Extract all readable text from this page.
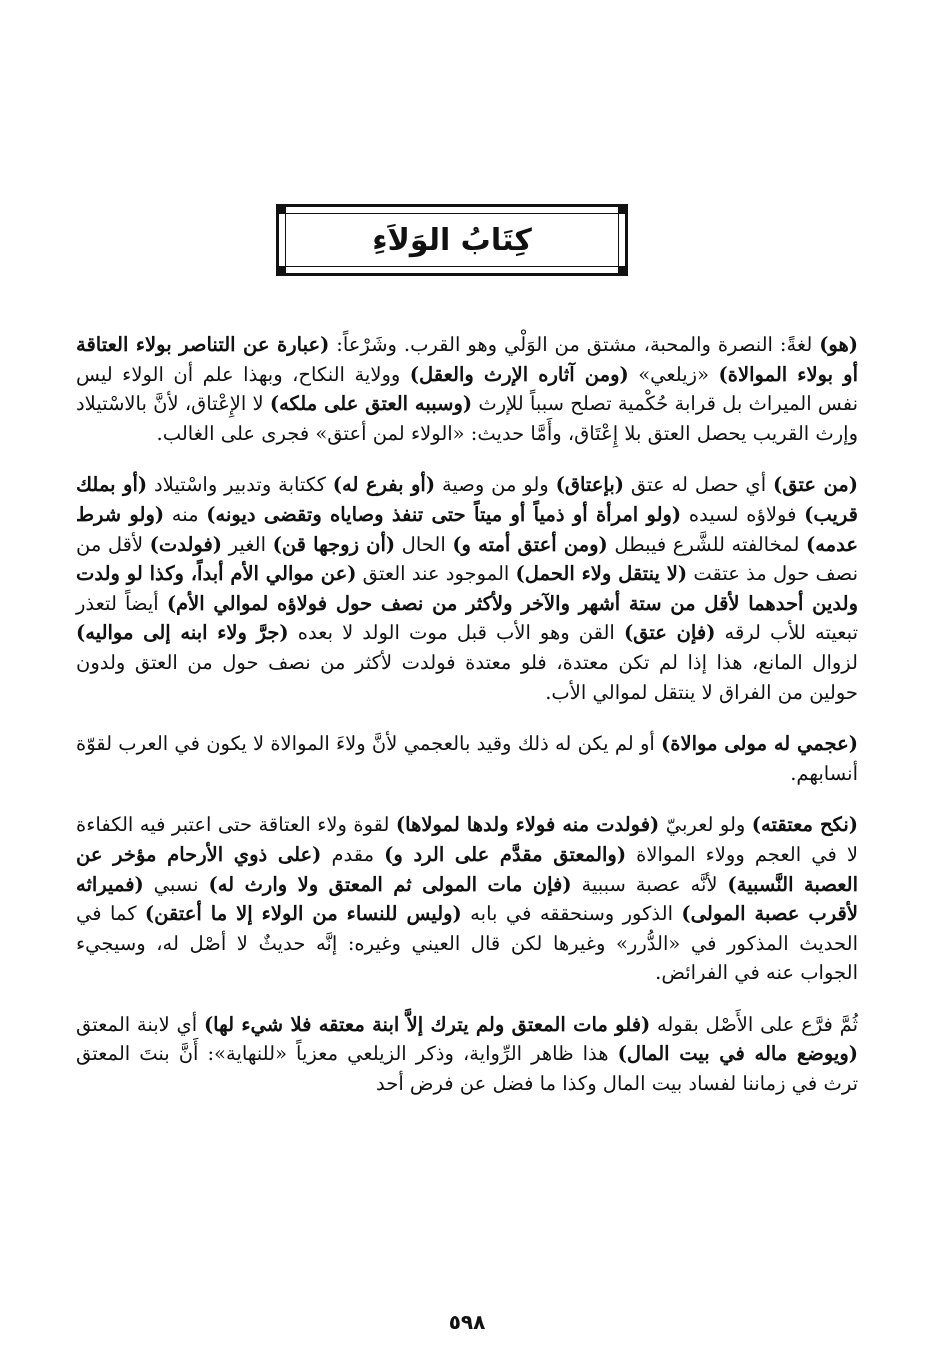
كِتَابُ الوَلاَءِ

(هو) لغةً: النصرة والمحبة، مشتق من الوَلْي وهو القرب. وشَرْعاً: (عبارة عن التناصر بولاء العتاقة أو بولاء الموالاة) «زيلعي» (ومن آثاره الإرث والعقل) وولاية النكاح، وبهذا علم أن الولاء ليس نفس الميراث بل قرابة حُكْمية تصلح سبباً للإرث (وسببه العتق على ملكه) لا الإِعْتاق، لأنَّ بالاسْتيلاد وإرث القريب يحصل العتق بلا إِعْتَاق، وأَمَّا حديث: «الولاء لمن أعتق» فجرى على الغالب.

(من عتق) أي حصل له عتق (بإعتاق) ولو من وصية (أو بفرع له) ككتابة وتدبير واسْتيلاد (أو بملك قريب) فولاؤه لسيده (ولو امرأة أو ذمياً أو ميتاً حتى تنفذ وصاياه وتقضى ديونه) منه (ولو شرط عدمه) لمخالفته للشَّرع فيبطل (ومن أعتق أمته و) الحال (أن زوجها قن) الغير (فولدت) لأقل من نصف حول مذ عتقت (لا ينتقل ولاء الحمل) الموجود عند العتق (عن موالي الأم أبداً، وكذا لو ولدت ولدين أحدهما لأقل من ستة أشهر والآخر ولأكثر من نصف حول فولاؤه لموالي الأم) أيضاً لتعذر تبعيته للأب لرقه (فإن عتق) القن وهو الأب قبل موت الولد لا بعده (جرَّ ولاء ابنه إلى مواليه) لزوال المانع، هذا إذا لم تكن معتدة، فلو معتدة فولدت لأكثر من نصف حول من العتق ولدون حولين من الفراق لا ينتقل لموالي الأب.

(عجمي له مولى موالاة) أو لم يكن له ذلك وقيد بالعجمي لأنَّ ولاءَ الموالاة لا يكون في العرب لقوّة أنسابهم.

(نكح معتقته) ولو لعربيّ (فولدت منه فولاء ولدها لمولاها) لقوة ولاء العتاقة حتى اعتبر فيه الكفاءة لا في العجم وولاء الموالاة (والمعتق مقدَّم على الرد و) مقدم (على ذوي الأرحام مؤخر عن العصبة النَّسبية) لأنَّه عصبة سببية (فإن مات المولى ثم المعتق ولا وارث له) نسبي (فميراثه لأقرب عصبة المولى) الذكور وسنحققه في بابه (وليس للنساء من الولاء إلا ما أعتقن) كما في الحديث المذكور في «الدُّرر» وغيرها لكن قال العيني وغيره: إنَّه حديثٌ لا أصْل له، وسيجيء الجواب عنه في الفرائض.

ثُمَّ فرَّع على الأَصْل بقوله (فلو مات المعتق ولم يترك إلاَّ ابنة معتقه فلا شيء لها) أي لابنة المعتق (ويوضع ماله في بيت المال) هذا ظاهر الرِّواية، وذكر الزيلعي معزياً «للنهاية»: أَنَّ بنتَ المعتق ترث في زماننا لفساد بيت المال وكذا ما فضل عن فرض أحد

٥٩٨
